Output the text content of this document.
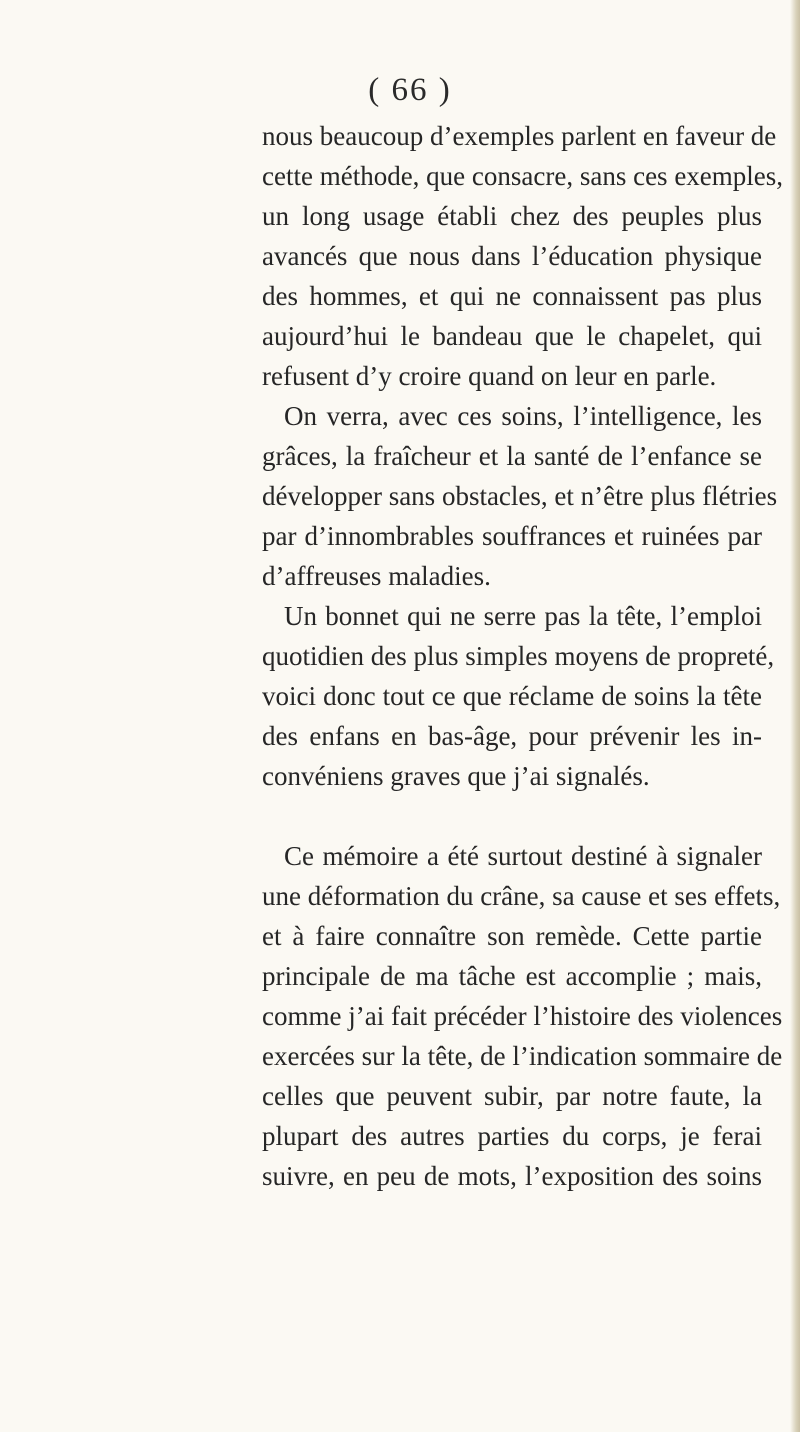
( 66 )
nous beaucoup d’exemples parlent en faveur de
cette méthode, que consacre, sans ces exemples,
un long usage établi chez des peuples plus
avancés que nous dans l’éducation physique
des hommes, et qui ne connaissent pas plus
aujourd’hui le bandeau que le chapelet, qui
refusent d’y croire quand on leur en parle.
On verra, avec ces soins, l’intelligence, les
grâces, la fraîcheur et la santé de l’enfance se
développer sans obstacles, et n’être plus flétries
par d’innombrables souffrances et ruinées par
d’affreuses maladies.
Un bonnet qui ne serre pas la tête, l’emploi
quotidien des plus simples moyens de propreté,
voici donc tout ce que réclame de soins la tête
des enfans en bas-âge, pour prévenir les in-
convéniens graves que j’ai signalés.
Ce mémoire a été surtout destiné à signaler
une déformation du crâne, sa cause et ses effets,
et à faire connaître son remède. Cette partie
principale de ma tâche est accomplie ; mais,
comme j’ai fait précéder l’histoire des violences
exercées sur la tête, de l’indication sommaire de
celles que peuvent subir, par notre faute, la
plupart des autres parties du corps, je ferai
suivre, en peu de mots, l’exposition des soins
